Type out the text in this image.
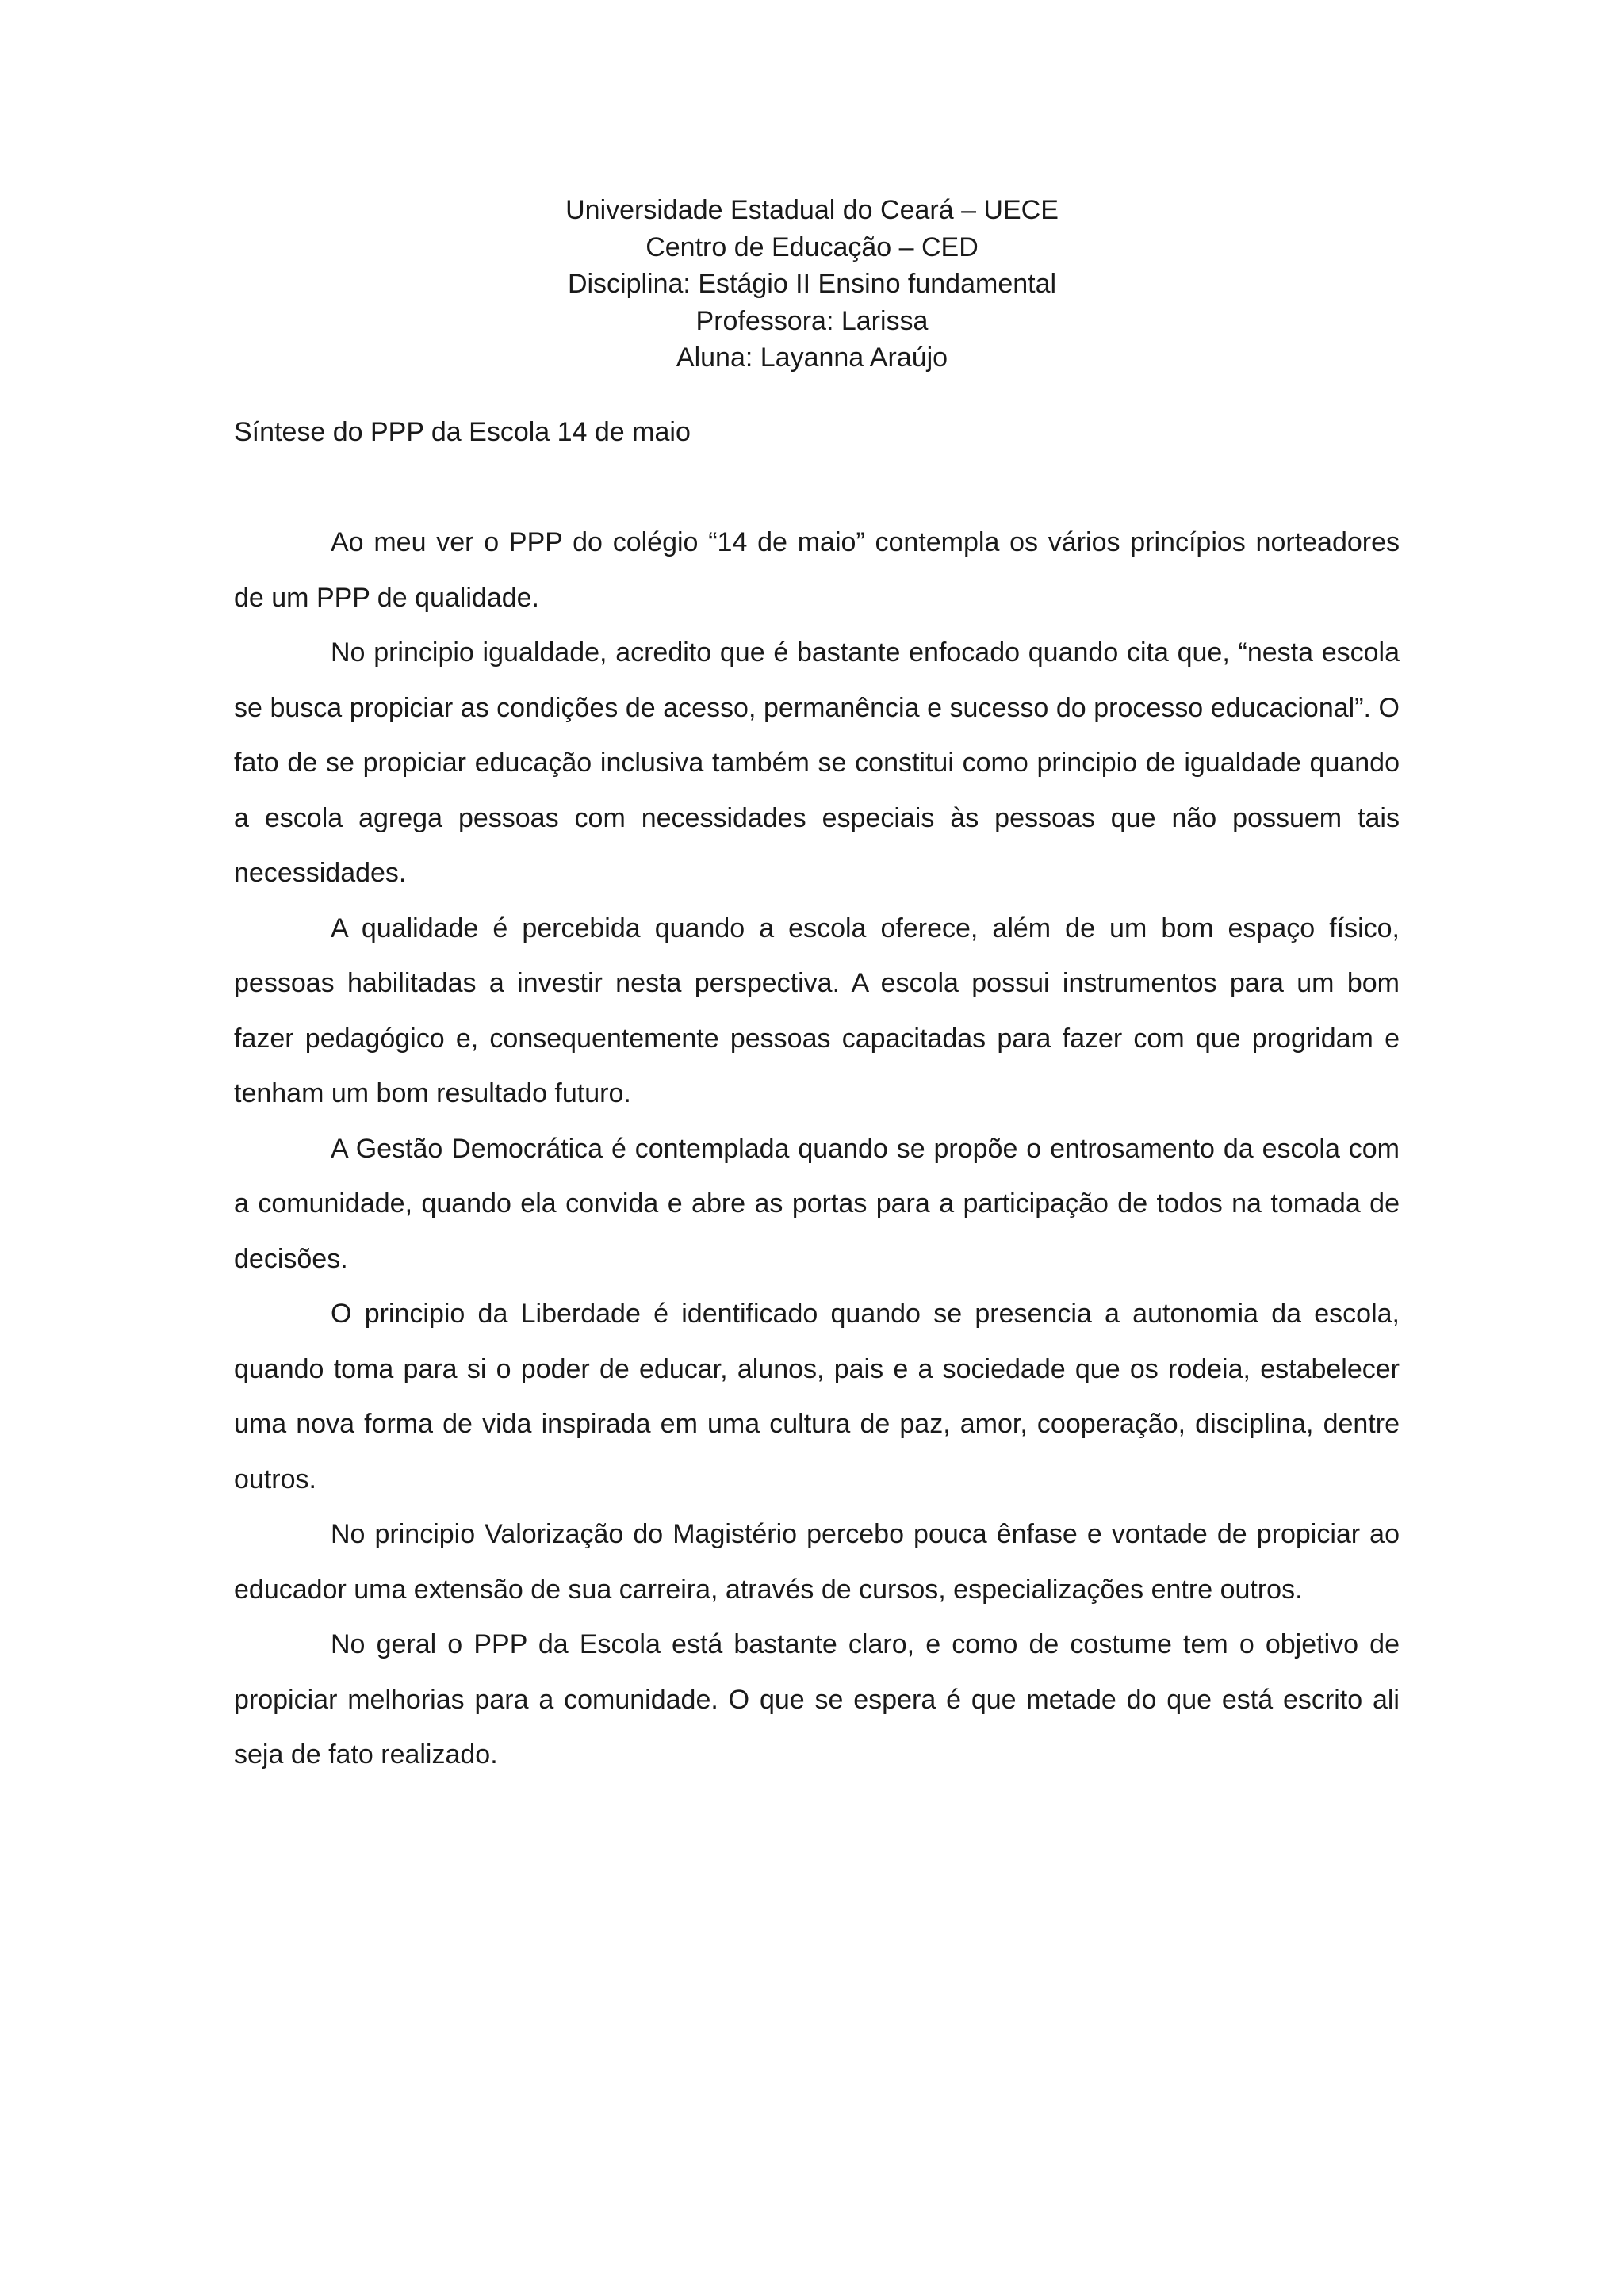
Universidade Estadual do Ceará – UECE
Centro de Educação – CED
Disciplina: Estágio II Ensino fundamental
Professora: Larissa
Aluna: Layanna Araújo
Síntese do PPP da Escola 14 de maio

Ao meu ver o PPP do colégio “14 de maio” contempla os vários princípios norteadores de um PPP de qualidade.

No principio igualdade, acredito que é bastante enfocado quando cita que, “nesta escola se busca propiciar as condições de acesso, permanência e sucesso do processo educacional”. O fato de se propiciar educação inclusiva também se constitui como principio de igualdade quando a escola agrega pessoas com necessidades especiais às pessoas que não possuem tais necessidades.

A qualidade é percebida quando a escola oferece, além de um bom espaço físico, pessoas habilitadas a investir nesta perspectiva. A escola possui instrumentos para um bom fazer pedagógico e, consequentemente pessoas capacitadas para fazer com que progridam e tenham um bom resultado futuro.

A Gestão Democrática é contemplada quando se propõe o entrosamento da escola com a comunidade, quando ela convida e abre as portas para a participação de todos na tomada de decisões.

O principio da Liberdade é identificado quando se presencia a autonomia da escola, quando toma para si o poder de educar, alunos, pais e a sociedade que os rodeia, estabelecer uma nova forma de vida inspirada em uma cultura de paz, amor, cooperação, disciplina, dentre outros.

No principio Valorização do Magistério percebo pouca ênfase e vontade de propiciar ao educador uma extensão de sua carreira, através de cursos, especializações entre outros.

No geral o PPP da Escola está bastante claro, e como de costume tem o objetivo de propiciar melhorias para a comunidade. O que se espera é que metade do que está escrito ali seja de fato realizado.
